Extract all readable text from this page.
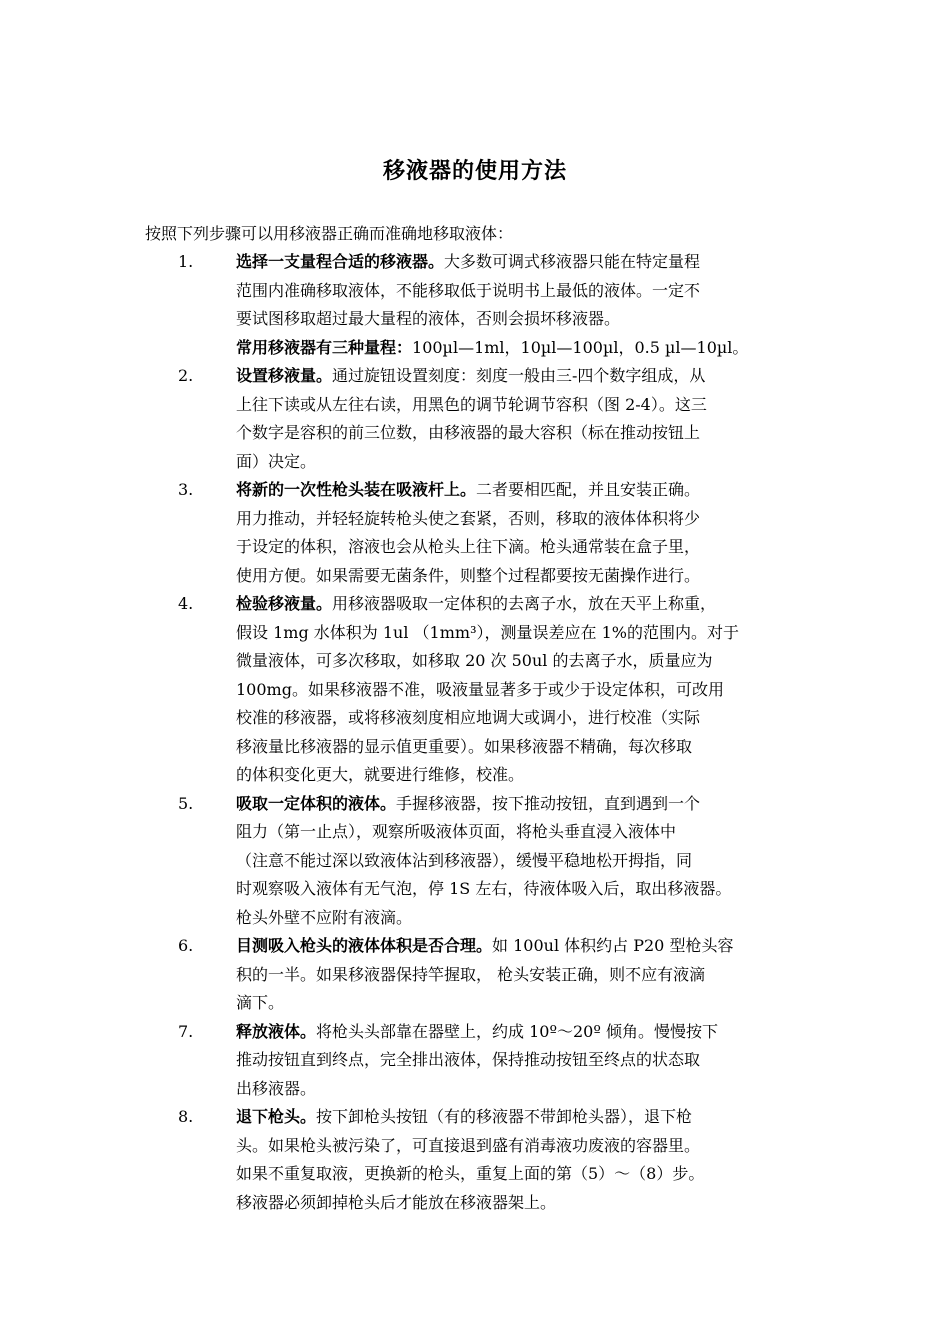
移液器的使用方法
按照下列步骤可以用移液器正确而准确地移取液体：
1.	选择一支量程合适的移液器。大多数可调式移液器只能在特定量程
范围内准确移取液体，不能移取低于说明书上最低的液体。一定不
要试图移取超过最大量程的液体，否则会损坏移液器。
常用移液器有三种量程：100µl—1ml，10µl—100µl，0.5 µl—10µl。
2.	设置移液量。通过旋钮设置刻度：刻度一般由三-四个数字组成，从
上往下读或从左往右读，用黑色的调节轮调节容积（图 2-4）。这三
个数字是容积的前三位数，由移液器的最大容积（标在推动按钮上
面）决定。
3.	将新的一次性枪头装在吸液杆上。二者要相匹配，并且安装正确。
用力推动，并轻轻旋转枪头使之套紧，否则，移取的液体体积将少
于设定的体积，溶液也会从枪头上往下滴。枪头通常装在盒子里，
使用方便。如果需要无菌条件，则整个过程都要按无菌操作进行。
4.	检验移液量。用移液器吸取一定体积的去离子水，放在天平上称重，
假设 1mg 水体积为 1ul （1mm³），测量误差应在 1%的范围内。对于
微量液体，可多次移取，如移取 20 次 50ul 的去离子水，质量应为
100mg。如果移液器不准，吸液量显著多于或少于设定体积，可改用
校准的移液器，或将移液刻度相应地调大或调小，进行校准（实际
移液量比移液器的显示值更重要）。如果移液器不精确，每次移取
的体积变化更大，就要进行维修，校准。
5.	吸取一定体积的液体。手握移液器，按下推动按钮，直到遇到一个
阻力（第一止点），观察所吸液体页面，将枪头垂直浸入液体中
（注意不能过深以致液体沾到移液器），缓慢平稳地松开拇指，同
时观察吸入液体有无气泡，停 1S 左右，待液体吸入后，取出移液器。
枪头外壁不应附有液滴。
6.	目测吸入枪头的液体体积是否合理。如 100ul 体积约占 P20 型枪头容
积的一半。如果移液器保持竿握取， 枪头安装正确，则不应有液滴
滴下。
7.	释放液体。将枪头头部靠在器壁上，约成 10º～20º 倾角。慢慢按下
推动按钮直到终点，完全排出液体，保持推动按钮至终点的状态取
出移液器。
8.	退下枪头。按下卸枪头按钮（有的移液器不带卸枪头器），退下枪
头。如果枪头被污染了，可直接退到盛有消毒液功废液的容器里。
如果不重复取液，更换新的枪头，重复上面的第（5）～（8）步。
移液器必须卸掉枪头后才能放在移液器架上。
